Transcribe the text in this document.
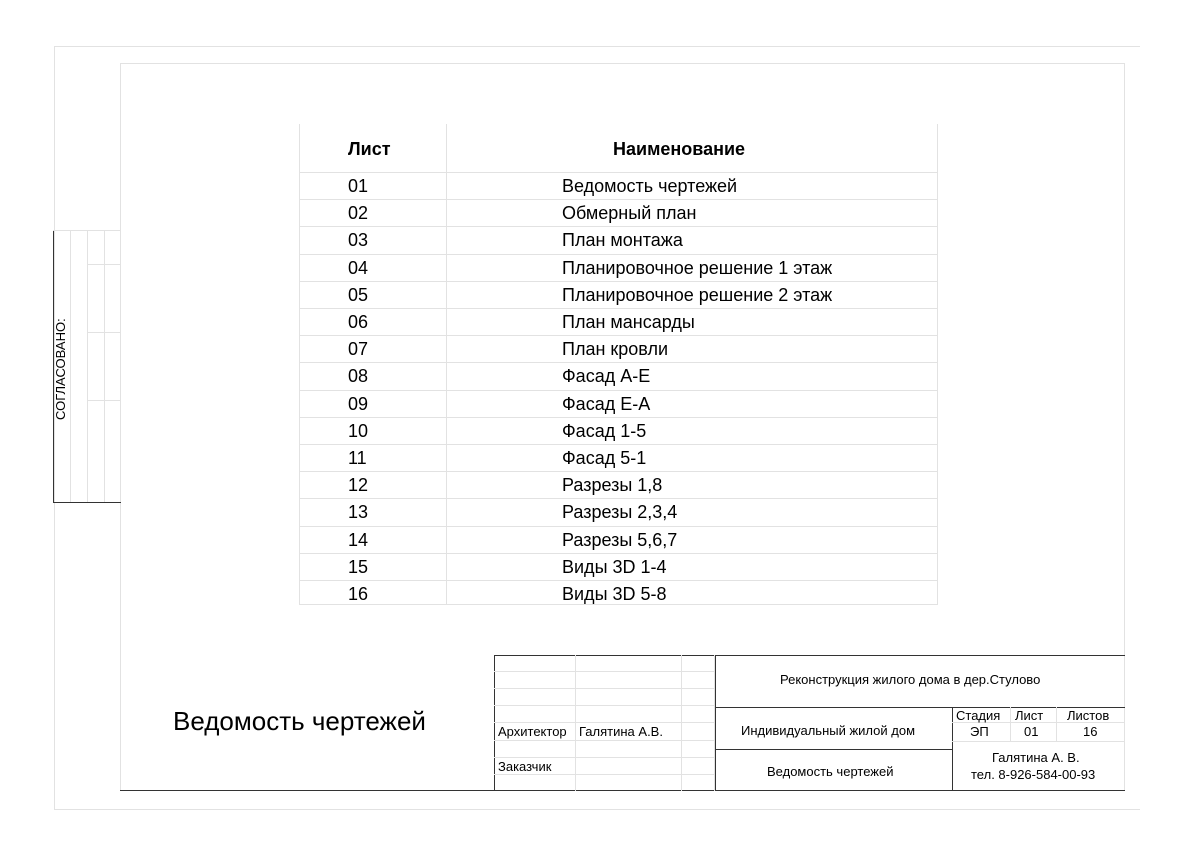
СОГЛАСОВАНО:
Лист	Наименование
01	Ведомость чертежей
02	Обмерный план
03	План монтажа
04	Планировочное решение 1 этаж
05	Планировочное решение 2 этаж
06	План мансарды
07	План кровли
08	Фасад А-Е
09	Фасад Е-А
10	Фасад 1-5
11	Фасад 5-1
12	Разрезы 1,8
13	Разрезы 2,3,4
14	Разрезы 5,6,7
15	Виды 3D 1-4
16	Виды 3D 5-8
Ведомость чертежей	Архитектор Галятина А.В.
Заказчик
Реконструкция жилого дома в дер.Стулово
Индивидуальный жилой дом
Ведомость чертежей
Стадия Лист Листов
ЭП	01	16
Галятина А. В.
тел. 8-926-584-00-93
